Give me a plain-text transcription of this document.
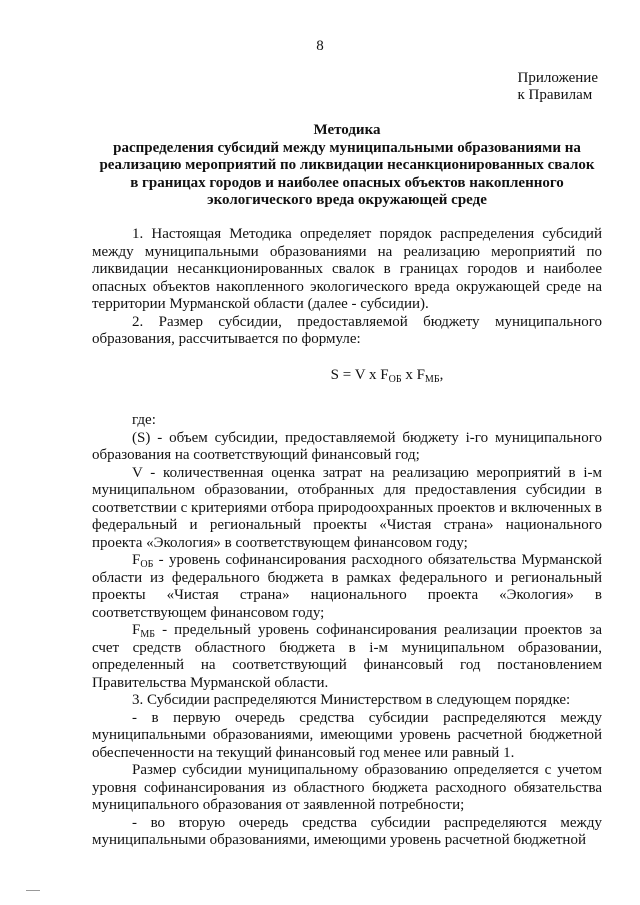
8
Приложение
к Правилам
Методика
распределения субсидий между муниципальными образованиями на
реализацию мероприятий по ликвидации несанкционированных свалок
в границах городов и наиболее опасных объектов накопленного
экологического вреда окружающей среде

1. Настоящая Методика определяет порядок распределения субсидий между муниципальными образованиями на реализацию мероприятий по ликвидации несанкционированных свалок в границах городов и наиболее опасных объектов накопленного экологического вреда окружающей среде на территории Мурманской области (далее - субсидии).

2. Размер субсидии, предоставляемой бюджету муниципального образования, рассчитывается по формуле:

S = V x $F_{ОБ}$ x $F_{МБ}$,

где:

(S) - объем субсидии, предоставляемой бюджету i-го муниципального образования на соответствующий финансовый год;

V - количественная оценка затрат на реализацию мероприятий в i-м муниципальном образовании, отобранных для предоставления субсидии в соответствии с критериями отбора природоохранных проектов и включенных в федеральный и региональный проекты «Чистая страна» национального проекта «Экология» в соответствующем финансовом году;

$F_{ОБ}$ - уровень софинансирования расходного обязательства Мурманской области из федерального бюджета в рамках федерального и региональный проекты «Чистая страна» национального проекта «Экология» в соответствующем финансовом году;

$F_{МБ}$ - предельный уровень софинансирования реализации проектов за счет средств областного бюджета в i-м муниципальном образовании, определенный на соответствующий финансовый год постановлением Правительства Мурманской области.

3. Субсидии распределяются Министерством в следующем порядке:

- в первую очередь средства субсидии распределяются между муниципальными образованиями, имеющими уровень расчетной бюджетной обеспеченности на текущий финансовый год менее или равный 1.

Размер субсидии муниципальному образованию определяется с учетом уровня софинансирования из областного бюджета расходного обязательства муниципального образования от заявленной потребности;

- во вторую очередь средства субсидии распределяются между муниципальными образованиями, имеющими уровень расчетной бюджетной
